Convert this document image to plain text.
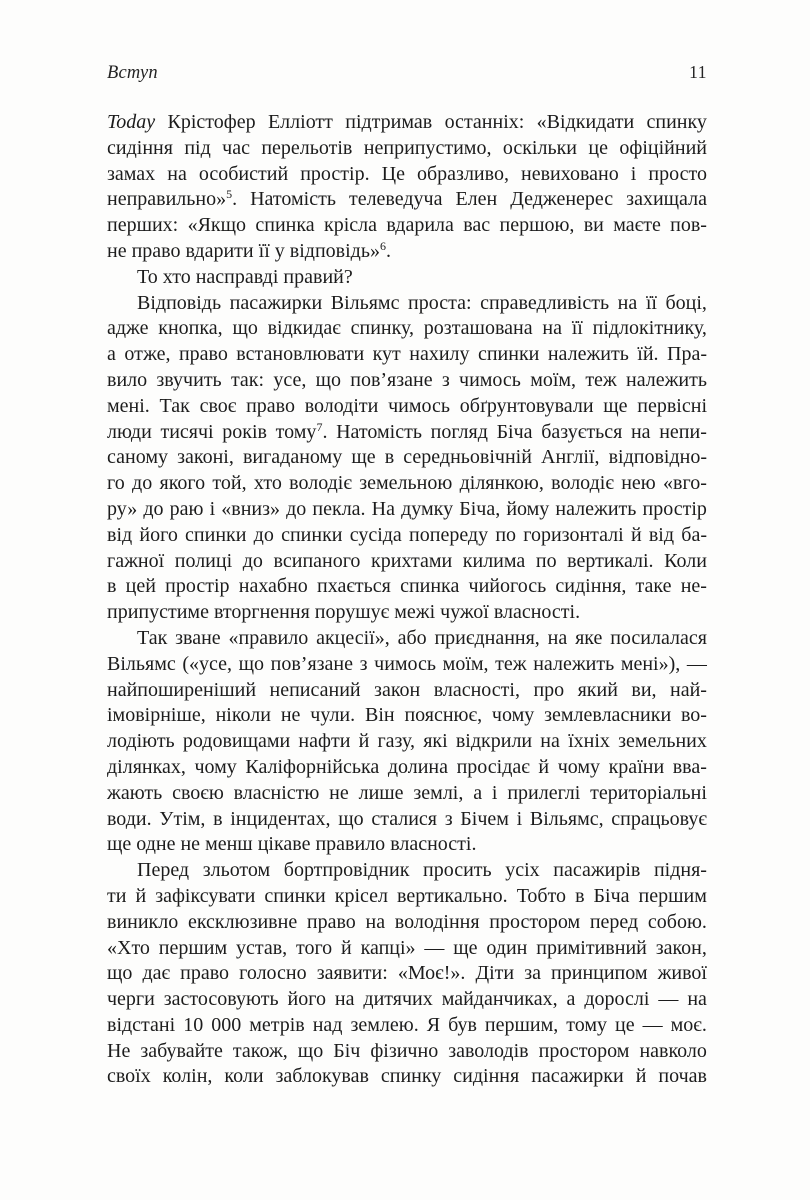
Вступ	11
Today Крістофер Елліотт підтримав останніх: «Відкидати спинку
сидіння під час перельотів неприпустимо, оскільки це офіційний
замах на особистий простір. Це образливо, невиховано і просто
неправильно»$^5$. Натомість телеведуча Елен Дедженерес захищала
перших: «Якщо спинка крісла вдарила вас першою, ви маєте пов-
не право вдарити її у відповідь»$^6$.
То хто насправді правий?
Відповідь пасажирки Вільямс проста: справедливість на її боці,
адже кнопка, що відкидає спинку, розташована на її підлокітнику,
а отже, право встановлювати кут нахилу спинки належить їй. Пра-
вило звучить так: усе, що пов’язане з чимось моїм, теж належить
мені. Так своє право володіти чимось обґрунтовували ще первісні
люди тисячі років тому$^7$. Натомість погляд Біча базується на непи-
саному законі, вигаданому ще в середньовічній Англії, відповідно-
го до якого той, хто володіє земельною ділянкою, володіє нею «вго-
ру» до раю і «вниз» до пекла. На думку Біча, йому належить простір
від його спинки до спинки сусіда попереду по горизонталі й від ба-
гажної полиці до всипаного крихтами килима по вертикалі. Коли
в цей простір нахабно пхається спинка чийогось сидіння, таке не-
припустиме вторгнення порушує межі чужої власності.
Так зване «правило акцесії», або приєднання, на яке посилалася
Вільямс («усе, що пов’язане з чимось моїм, теж належить мені»), —
найпоширеніший неписаний закон власності, про який ви, най-
імовірніше, ніколи не чули. Він пояснює, чому землевласники во-
лодіють родовищами нафти й газу, які відкрили на їхніх земельних
ділянках, чому Каліфорнійська долина просідає й чому країни вва-
жають своєю власністю не лише землі, а і прилеглі територіальні
води. Утім, в інцидентах, що сталися з Бічем і Вільямс, спрацьовує
ще одне не менш цікаве правило власності.
Перед зльотом бортпровідник просить усіх пасажирів підня-
ти й зафіксувати спинки крісел вертикально. Тобто в Біча першим
виникло ексклюзивне право на володіння простором перед собою.
«Хто першим устав, того й капці» — ще один примітивний закон,
що дає право голосно заявити: «Моє!». Діти за принципом живої
черги застосовують його на дитячих майданчиках, а дорослі — на
відстані 10 000 метрів над землею. Я був першим, тому це — моє.
Не забувайте також, що Біч фізично заволодів простором навколо
своїх колін, коли заблокував спинку сидіння пасажирки й почав
